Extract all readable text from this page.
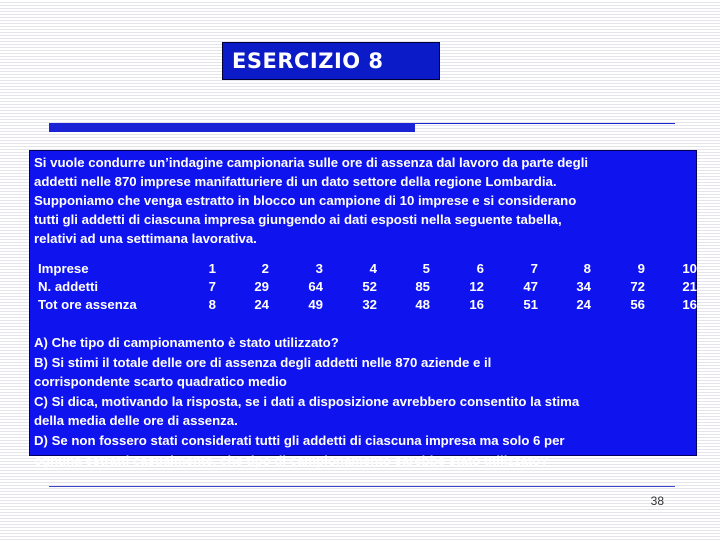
ESERCIZIO 8

Si vuole condurre un’indagine campionaria sulle ore di assenza dal lavoro da parte degli
addetti nelle 870 imprese manifatturiere di un dato settore della regione Lombardia.
Supponiamo che venga estratto in blocco un campione di 10 imprese e si considerano
tutti gli addetti di ciascuna impresa giungendo ai dati esposti nella seguente tabella,
relativi ad una settimana lavorativa.

Imprese	1	2	3	4	5	6	7	8	9	10
N. addetti	7	29	64	52	85	12	47	34	72	21
Tot ore assenza	8	24	49	32	48	16	51	24	56	16

A) Che tipo di campionamento è stato utilizzato?
B) Si stimi il totale delle ore di assenza degli addetti nelle 870 aziende e il
corrispondente scarto quadratico medio
C) Si dica, motivando la risposta, se i dati a disposizione avrebbero consentito la stima
della media delle ore di assenza.
D) Se non fossero stati considerati tutti gli addetti di ciascuna impresa ma solo 6 per
ognuna estratti casualmente, che tipo di campionamento sarebbe stato utilizzato?

38
